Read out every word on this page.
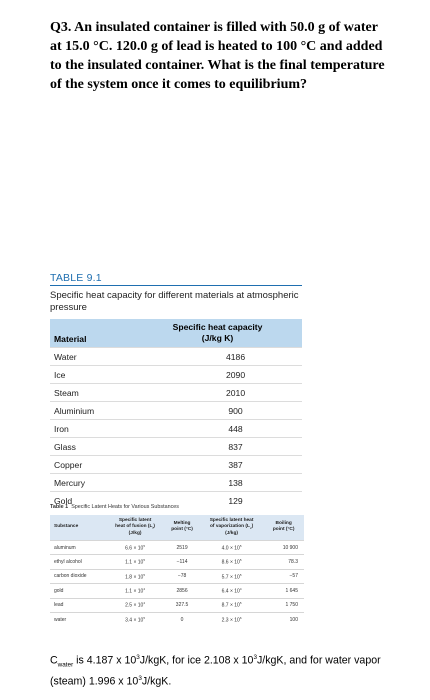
Q3. An insulated container is filled with 50.0 g of water at 15.0 °C. 120.0 g of lead is heated to 100 °C and added to the insulated container. What is the final temperature of the system once it comes to equilibrium?
TABLE 9.1
Specific heat capacity for different materials at atmospheric pressure
Material	Specific heat capacity
(J/kg K)
Water	4186
Ice	2090
Steam	2010
Aluminium	900
Iron	448
Glass	837
Copper	387
Mercury	138
Gold	129
Table 1 Specific Latent Heats for Various Substances
Substance	Specific latent
heat of fusion $(L_f)$
(J/kg)	Melting
point (°C)	Specific latent heat
of vaporization $(L_v)$
(J/kg)	Boiling
point (°C)
aluminum	$6.6 \times 10^5$	2519	$4.0 \times 10^5$	10 900
ethyl alcohol	$1.1 \times 10^5$	−114	$8.6 \times 10^5$	78.3
carbon dioxide	$1.8 \times 10^5$	−78	$5.7 \times 10^5$	−57
gold	$1.1 \times 10^4$	2856	$6.4 \times 10^4$	1 645
lead	$2.5 \times 10^4$	327.5	$8.7 \times 10^5$	1 750
water	$3.4 \times 10^5$	0	$2.3 \times 10^6$	100
$C_{water}$ is 4.187 x $10^3J$/kgK, for ice 2.108 x $10^3J$/kgK, and for water vapor (steam) 1.996 x $10^3J$/kgK.
